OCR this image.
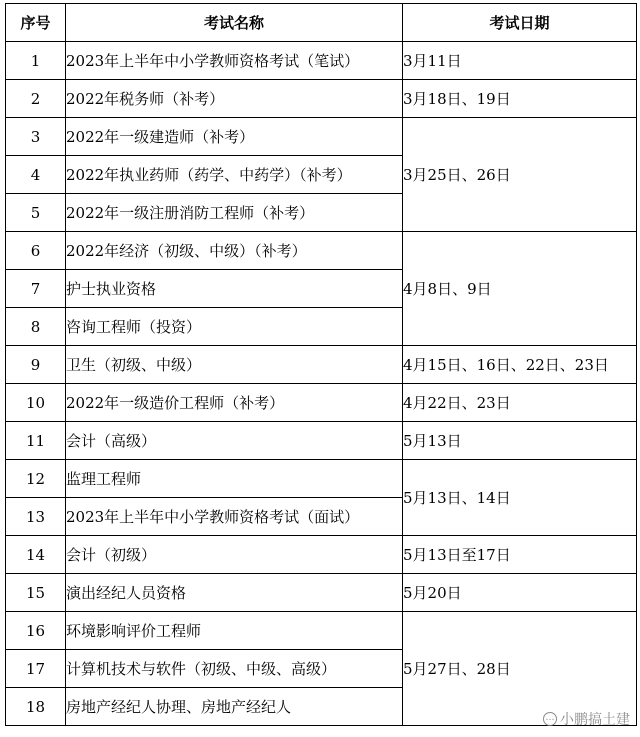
序号	考试名称	考试日期
1	2023年上半年中小学教师资格考试（笔试）	3月11日
2	2022年税务师（补考）	3月18日、19日
3	2022年一级建造师（补考）	3月25日、26日
4	2022年执业药师（药学、中药学）（补考）	
5	2022年一级注册消防工程师（补考）	
6	2022年经济（初级、中级）（补考）	4月8日、9日
7	护士执业资格	
8	咨询工程师（投资）	
9	卫生（初级、中级）	4月15日、16日、22日、23日
10	2022年一级造价工程师（补考）	4月22日、23日
11	会计（高级）	5月13日
12	监理工程师	5月13日、14日
13	2023年上半年中小学教师资格考试（面试）	
14	会计（初级）	5月13日至17日
15	演出经纪人员资格	5月20日
16	环境影响评价工程师	5月27日、28日
17	计算机技术与软件（初级、中级、高级）	
18	房地产经纪人协理、房地产经纪人	
… 小鹏搞土建
